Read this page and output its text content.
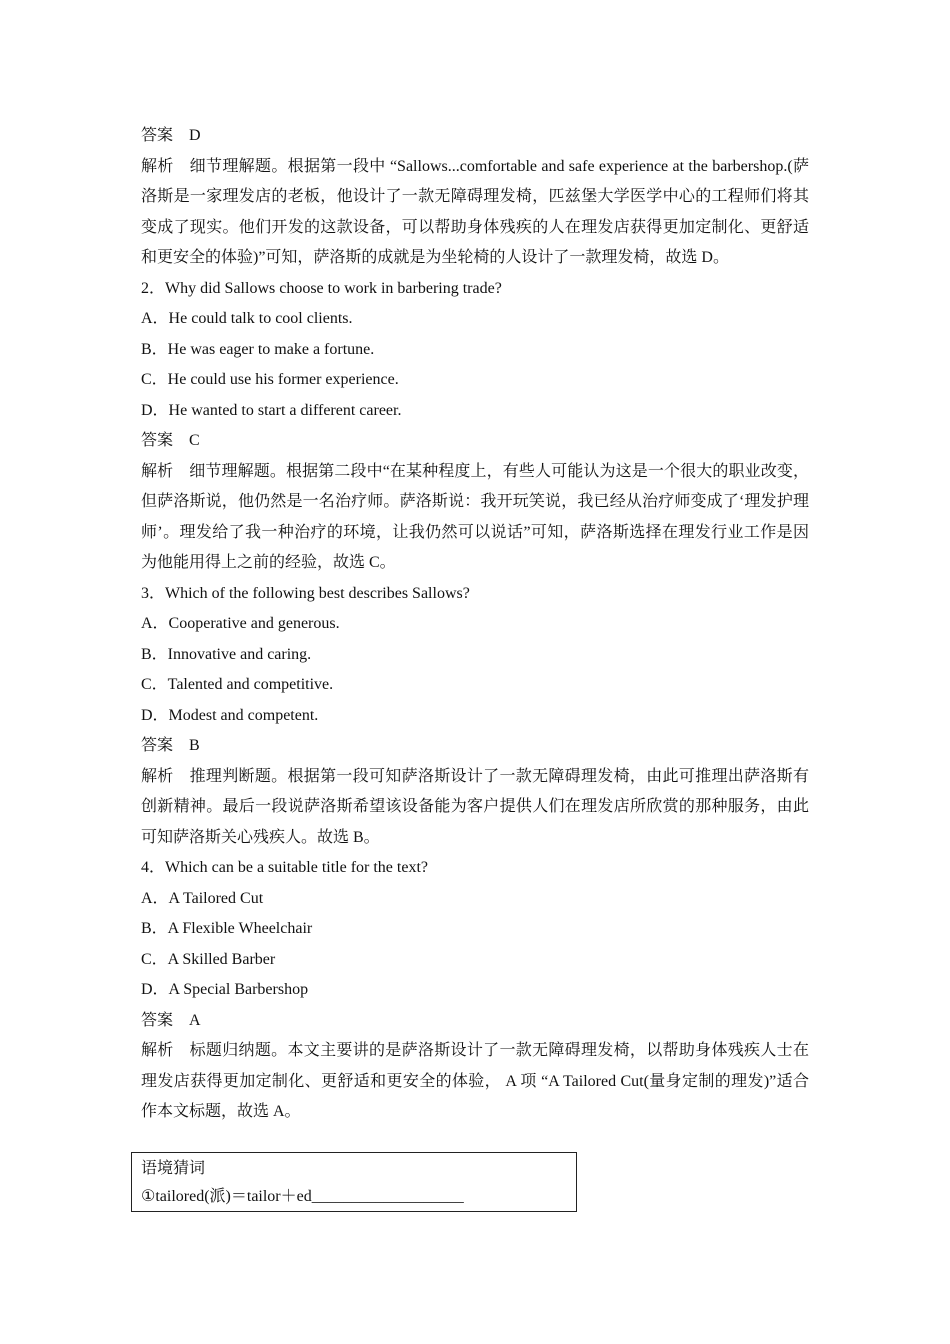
答案 D

解析 细节理解题。根据第一段中 “Sallows...comfortable and safe experience at the barbershop.(萨洛斯是一家理发店的老板，他设计了一款无障碍理发椅，匹兹堡大学医学中心的工程师们将其变成了现实。他们开发的这款设备，可以帮助身体残疾的人在理发店获得更加定制化、更舒适和更安全的体验)”可知，萨洛斯的成就是为坐轮椅的人设计了一款理发椅，故选 D。

2．Why did Sallows choose to work in barbering trade?

A．He could talk to cool clients.

B．He was eager to make a fortune.

C．He could use his former experience.

D．He wanted to start a different career.

答案 C

解析 细节理解题。根据第二段中“在某种程度上，有些人可能认为这是一个很大的职业改变，但萨洛斯说，他仍然是一名治疗师。萨洛斯说：我开玩笑说，我已经从治疗师变成了‘理发护理师’。理发给了我一种治疗的环境，让我仍然可以说话”可知，萨洛斯选择在理发行业工作是因为他能用得上之前的经验，故选 C。

3．Which of the following best describes Sallows?

A．Cooperative and generous.

B．Innovative and caring.

C．Talented and competitive.

D．Modest and competent.

答案 B

解析 推理判断题。根据第一段可知萨洛斯设计了一款无障碍理发椅，由此可推理出萨洛斯有创新精神。最后一段说萨洛斯希望该设备能为客户提供人们在理发店所欣赏的那种服务，由此可知萨洛斯关心残疾人。故选 B。

4．Which can be a suitable title for the text?

A．A Tailored Cut

B．A Flexible Wheelchair

C．A Skilled Barber

D．A Special Barbershop

答案 A

解析 标题归纳题。本文主要讲的是萨洛斯设计了一款无障碍理发椅，以帮助身体残疾人士在理发店获得更加定制化、更舒适和更安全的体验， A 项 “A Tailored Cut(量身定制的理发)”适合作本文标题，故选 A。

语境猜词

①tailored(派)＝tailor＋ed___________________
